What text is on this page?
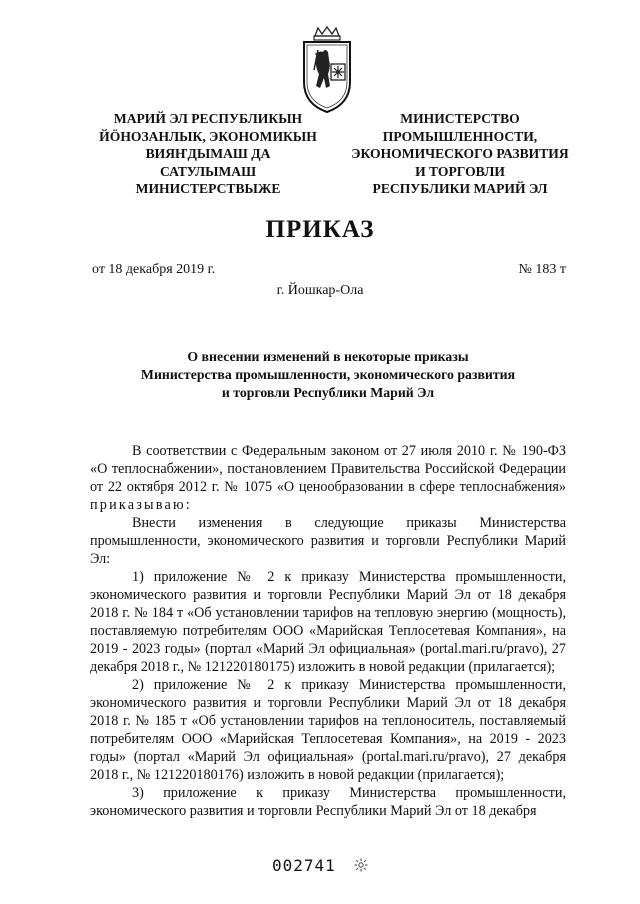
МАРИЙ ЭЛ РЕСПУБЛИКЫН
ЙӦНОЗАНЛЫК, ЭКОНОМИКЫН
ВИЯҤДЫМАШ ДА
САТУЛЫМАШ
МИНИСТЕРСТВЫЖЕ
МИНИСТЕРСТВО
ПРОМЫШЛЕННОСТИ,
ЭКОНОМИЧЕСКОГО РАЗВИТИЯ
И ТОРГОВЛИ
РЕСПУБЛИКИ МАРИЙ ЭЛ
ПРИКАЗ
от 18 декабря 2019 г.	№ 183 т
г. Йошкар-Ола
О внесении изменений в некоторые приказы
Министерства промышленности, экономического развития
и торговли Республики Марий Эл

В соответствии с Федеральным законом от 27 июля 2010 г. № 190-ФЗ «О теплоснабжении», постановлением Правительства Российской Федерации от 22 октября 2012 г. № 1075 «О ценообразовании в сфере теплоснабжения» приказываю:

Внести изменения в следующие приказы Министерства промышленности, экономического развития и торговли Республики Марий Эл:

1) приложение № 2 к приказу Министерства промышленности, экономического развития и торговли Республики Марий Эл от 18 декабря 2018 г. № 184 т «Об установлении тарифов на тепловую энергию (мощность), поставляемую потребителям ООО «Марийская Теплосетевая Компания», на 2019 - 2023 годы» (портал «Марий Эл официальная» (portal.mari.ru/pravo), 27 декабря 2018 г., № 121220180175) изложить в новой редакции (прилагается);

2) приложение № 2 к приказу Министерства промышленности, экономического развития и торговли Республики Марий Эл от 18 декабря 2018 г. № 185 т «Об установлении тарифов на теплоноситель, поставляемый потребителям ООО «Марийская Теплосетевая Компания», на 2019 - 2023 годы» (портал «Марий Эл официальная» (portal.mari.ru/pravo), 27 декабря 2018 г., № 121220180176) изложить в новой редакции (прилагается);

3) приложение к приказу Министерства промышленности, экономического развития и торговли Республики Марий Эл от 18 декабря

002741
